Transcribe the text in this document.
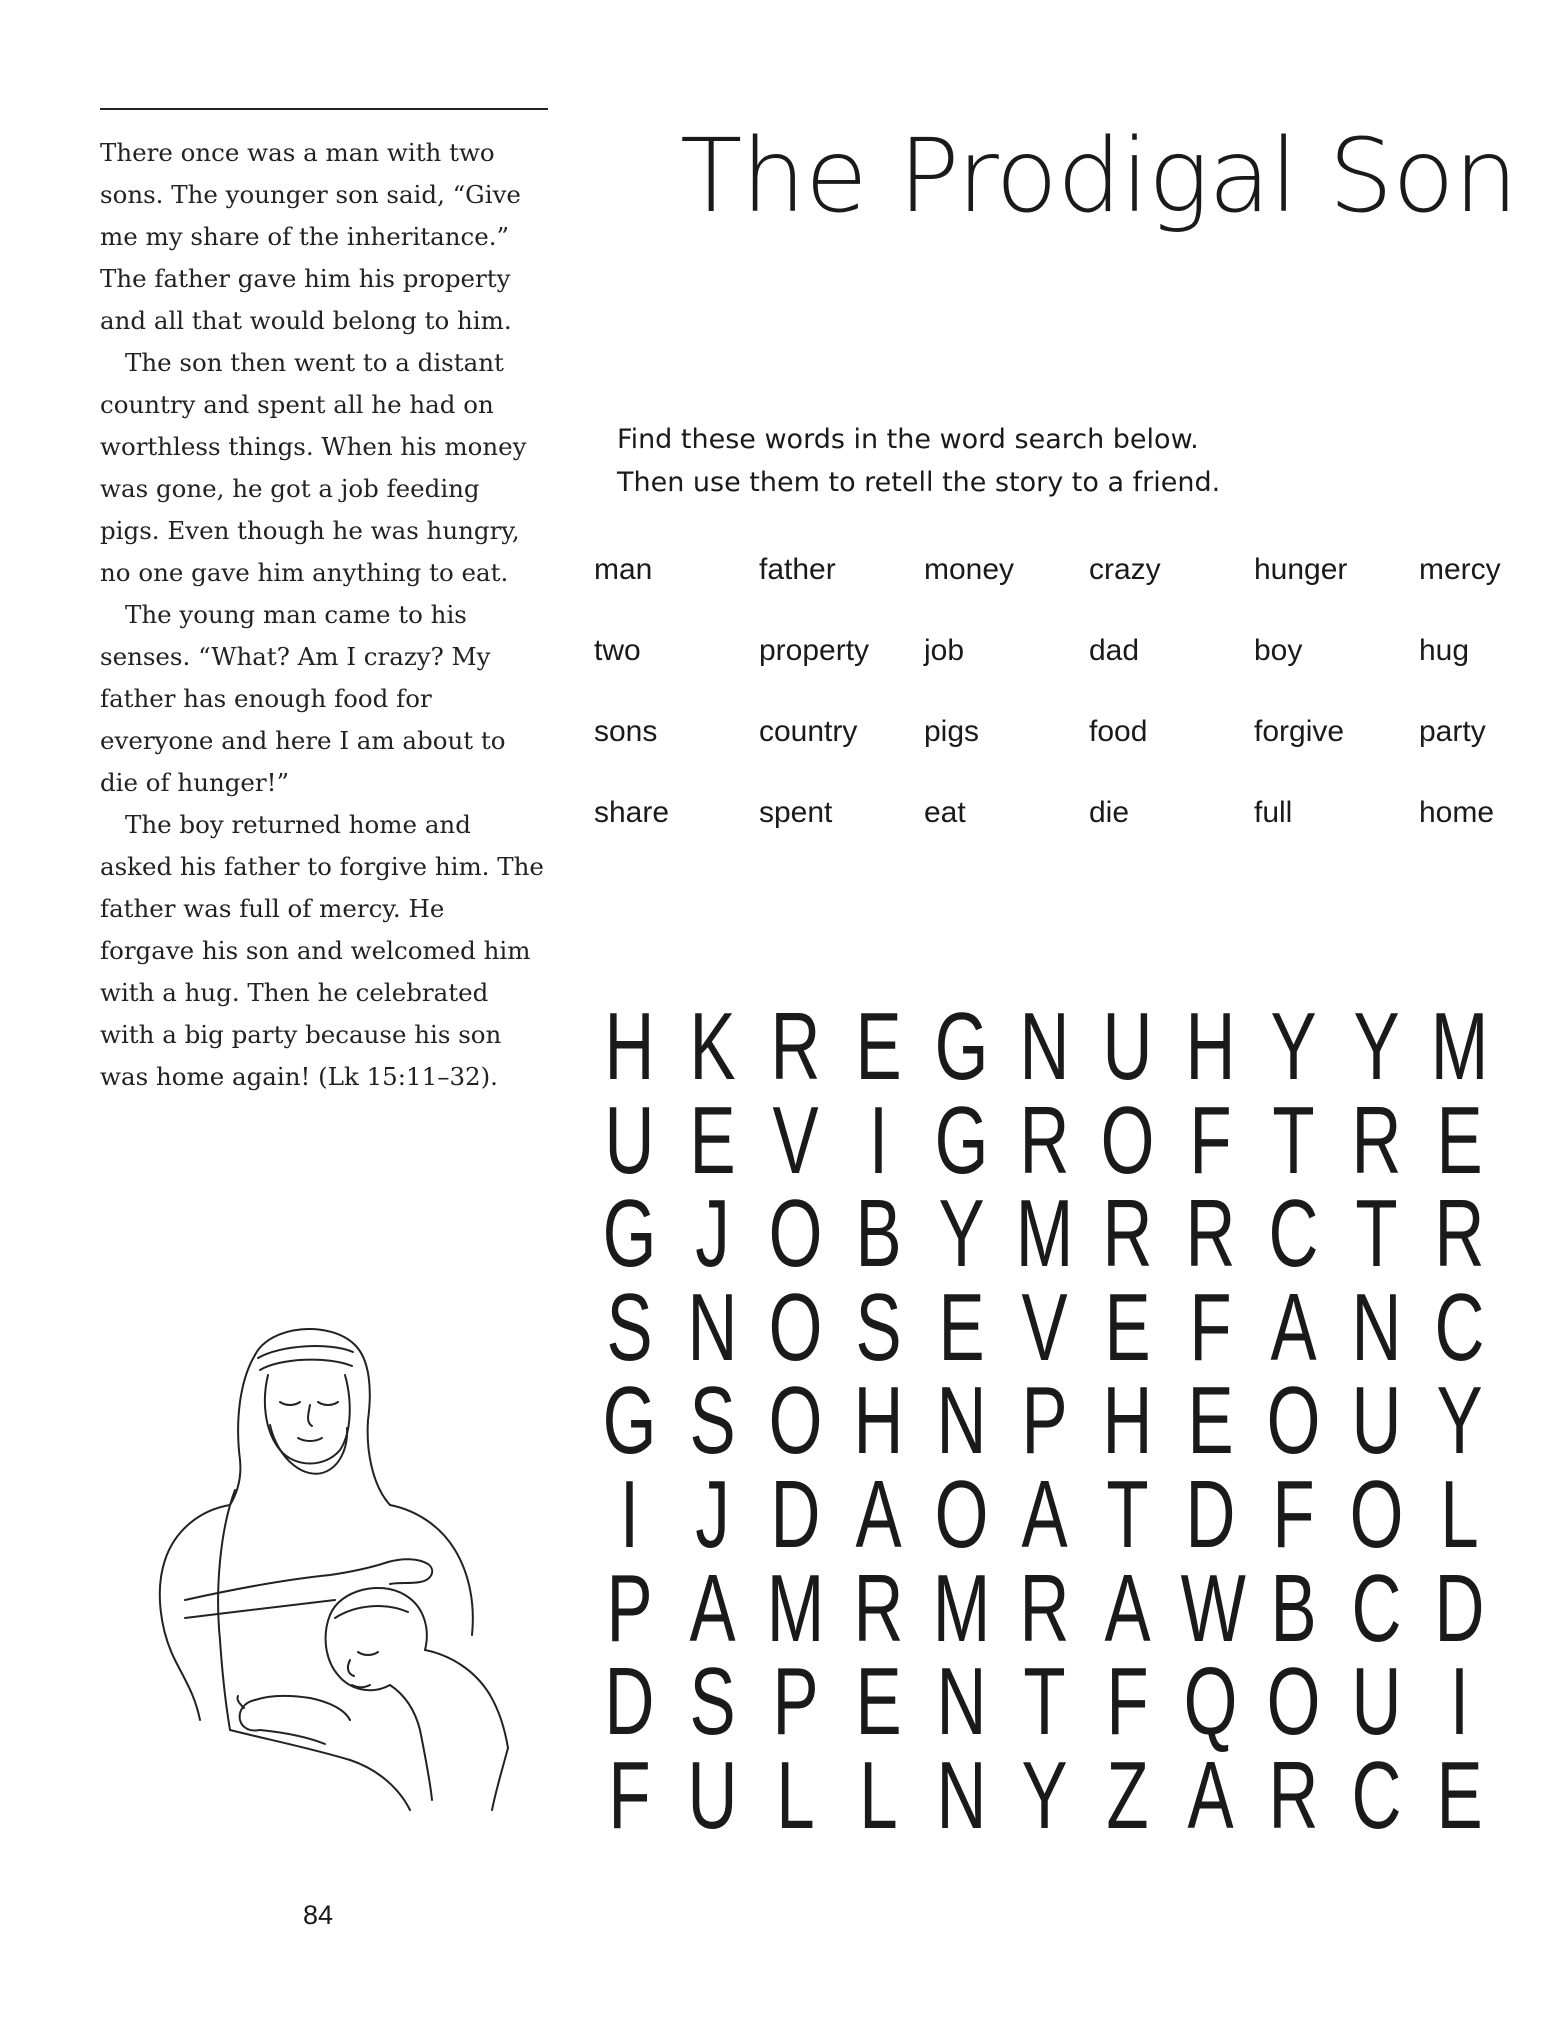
There once was a man with two sons. The younger son said, “Give me my share of the inheritance.” The father gave him his property and all that would belong to him.

The son then went to a distant country and spent all he had on worthless things. When his money was gone, he got a job feeding pigs. Even though he was hungry, no one gave him anything to eat.

The young man came to his senses. “What? Am I crazy? My father has enough food for everyone and here I am about to die of hunger!”

The boy returned home and asked his father to forgive him. The father was full of mercy. He forgave his son and welcomed him with a hug. Then he celebrated with a big party because his son was home again! (Lk 15:11–32).

The Prodigal Son
Find these words in the word search below.
Then use them to retell the story to a friend.
man	father	money	crazy	hunger	mercy
two	property	job	dad	boy	hug
sons	country	pigs	food	forgive	party
share	spent	eat	die	full	home
H K R E G N U H Y Y M
U E V I G R O F T R E
G J O B Y M R R C T R
S N O S E V E F A N C
G S O H N P H E O U Y
I J D A O A T D F O L
P A M R M R A W B C D
D S P E N T F Q O U I
F U L L N Y Z A R C E
84
